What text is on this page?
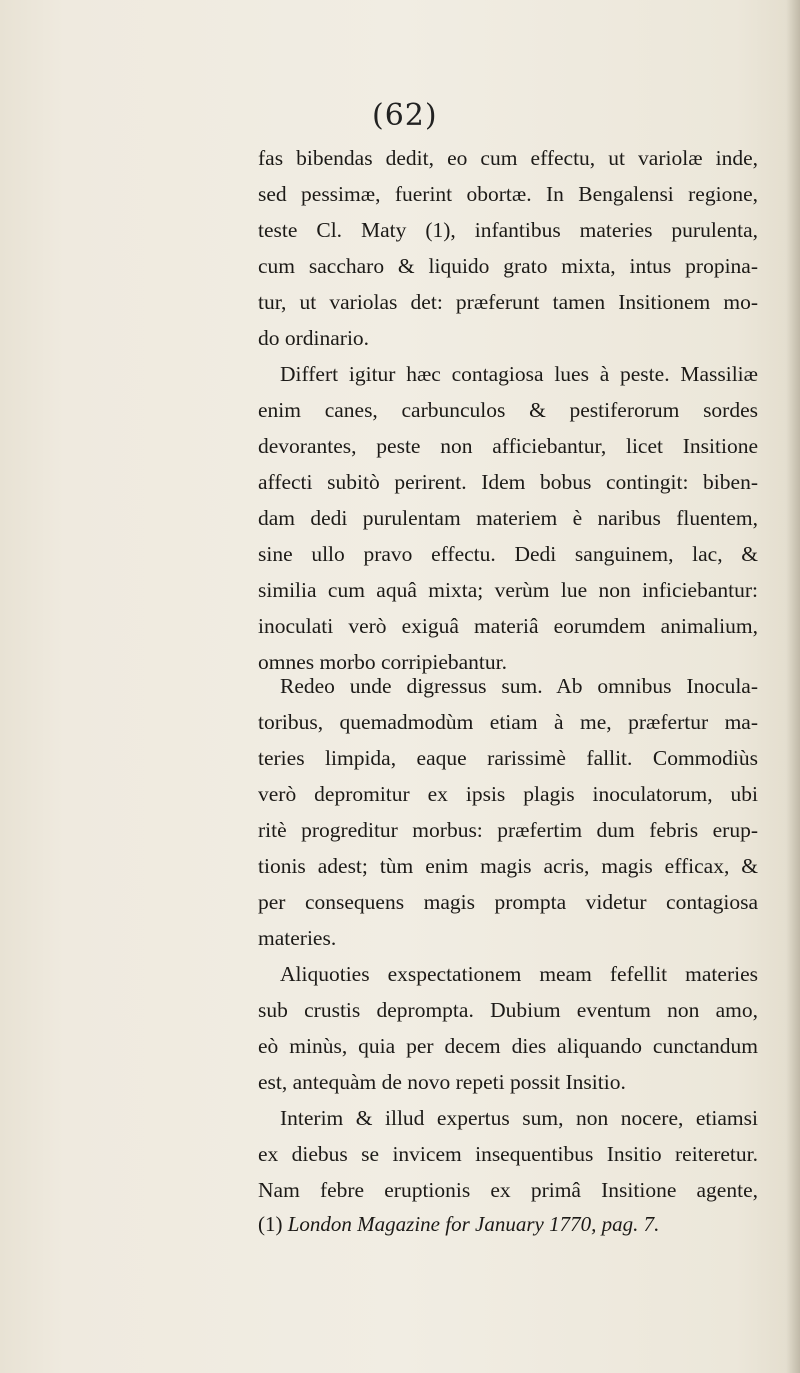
(62)
fas bibendas dedit, eo cum effectu, ut variolæ inde,
sed pessimæ, fuerint obortæ. In Bengalensi regione,
teste Cl. Maty (1), infantibus materies purulenta,
cum saccharo & liquido grato mixta, intus propina-
tur, ut variolas det: præferunt tamen Insitionem mo-
do ordinario.
Differt igitur hæc contagiosa lues à peste. Massiliæ
enim canes, carbunculos & pestiferorum sordes
devorantes, peste non afficiebantur, licet Insitione
affecti subitò perirent. Idem bobus contingit: biben-
dam dedi purulentam materiem è naribus fluentem,
sine ullo pravo effectu. Dedi sanguinem, lac, &
similia cum aquâ mixta; verùm lue non inficiebantur:
inoculati verò exiguâ materiâ eorumdem animalium,
omnes morbo corripiebantur.
Redeo unde digressus sum. Ab omnibus Inocula-
toribus, quemadmodùm etiam à me, præfertur ma-
teries limpida, eaque rarissimè fallit. Commodiùs
verò depromitur ex ipsis plagis inoculatorum, ubi
ritè progreditur morbus: præfertim dum febris erup-
tionis adest; tùm enim magis acris, magis efficax, &
per consequens magis prompta videtur contagiosa
materies.
Aliquoties exspectationem meam fefellit materies
sub crustis deprompta. Dubium eventum non amo,
eò minùs, quia per decem dies aliquando cunctandum
est, antequàm de novo repeti possit Insitio.
Interim & illud expertus sum, non nocere, etiamsi
ex diebus se invicem insequentibus Insitio reiteretur.
Nam febre eruptionis ex primâ Insitione agente,
(1) London Magazine for January 1770, pag. 7.
